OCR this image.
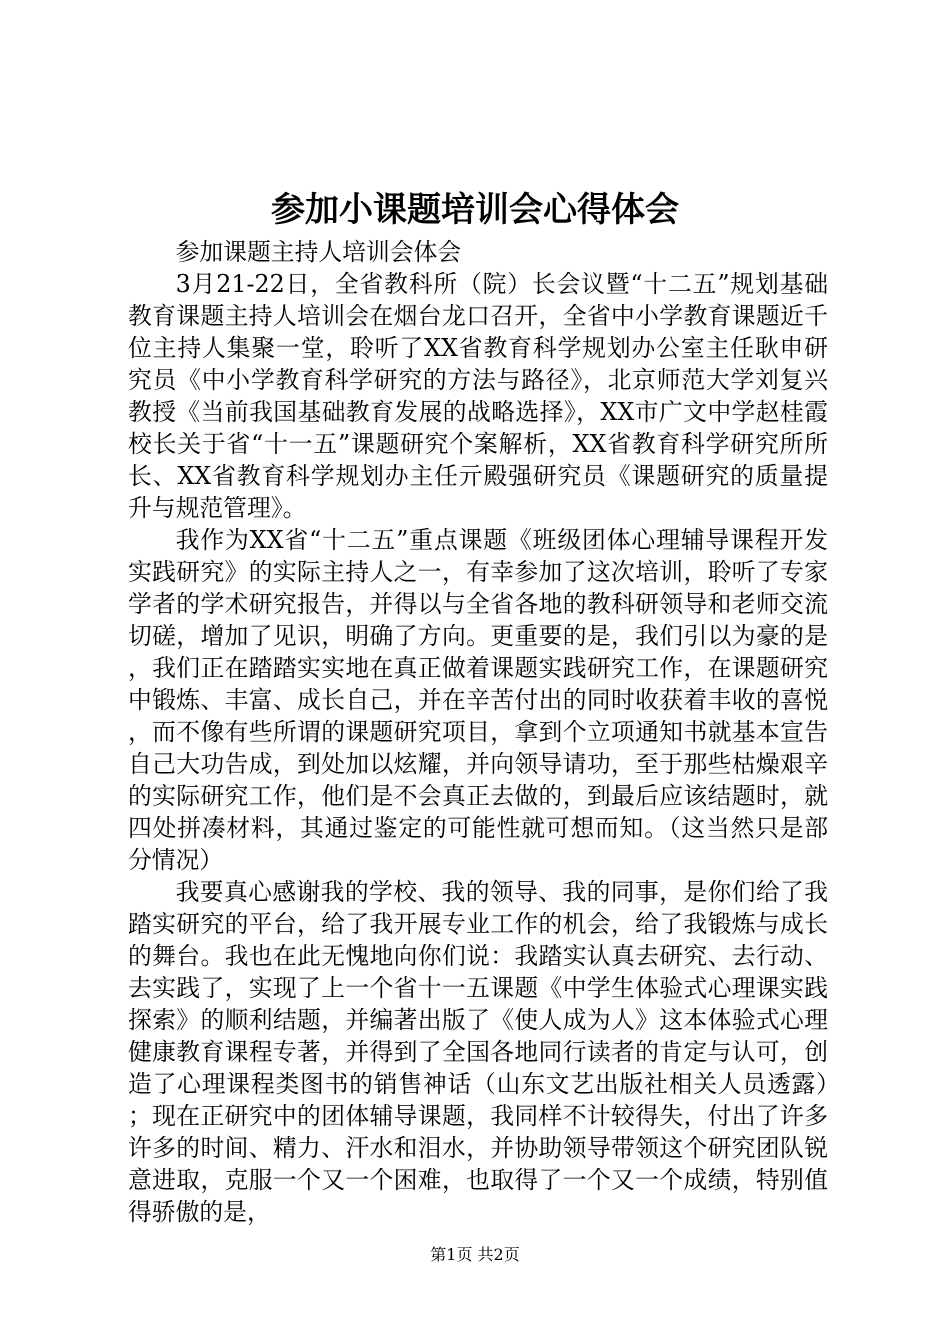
参加小课题培训会心得体会

参加课题主持人培训会体会

3月21-22日，全省教科所（院）长会议暨“十二五”规划基础教育课题主持人培训会在烟台龙口召开，全省中小学教育课题近千位主持人集聚一堂，聆听了XX省教育科学规划办公室主任耿申研究员《中小学教育科学研究的方法与路径》，北京师范大学刘复兴教授《当前我国基础教育发展的战略选择》，XX市广文中学赵桂霞校长关于省“十一五”课题研究个案解析，XX省教育科学研究所所长、XX省教育科学规划办主任亓殿强研究员《课题研究的质量提升与规范管理》。

我作为XX省“十二五”重点课题《班级团体心理辅导课程开发实践研究》的实际主持人之一，有幸参加了这次培训，聆听了专家学者的学术研究报告，并得以与全省各地的教科研领导和老师交流切磋，增加了见识，明确了方向。更重要的是，我们引以为豪的是，我们正在踏踏实实地在真正做着课题实践研究工作，在课题研究中锻炼、丰富、成长自己，并在辛苦付出的同时收获着丰收的喜悦，而不像有些所谓的课题研究项目，拿到个立项通知书就基本宣告自己大功告成，到处加以炫耀，并向领导请功，至于那些枯燥艰辛的实际研究工作，他们是不会真正去做的，到最后应该结题时，就四处拼凑材料，其通过鉴定的可能性就可想而知。（这当然只是部分情况）

我要真心感谢我的学校、我的领导、我的同事，是你们给了我踏实研究的平台，给了我开展专业工作的机会，给了我锻炼与成长的舞台。我也在此无愧地向你们说：我踏实认真去研究、去行动、去实践了，实现了上一个省十一五课题《中学生体验式心理课实践探索》的顺利结题，并编著出版了《使人成为人》这本体验式心理健康教育课程专著，并得到了全国各地同行读者的肯定与认可，创造了心理课程类图书的销售神话（山东文艺出版社相关人员透露）；现在正研究中的团体辅导课题，我同样不计较得失，付出了许多许多的时间、精力、汗水和泪水，并协助领导带领这个研究团队锐意进取，克服一个又一个困难，也取得了一个又一个成绩，特别值得骄傲的是，

第1页 共2页
